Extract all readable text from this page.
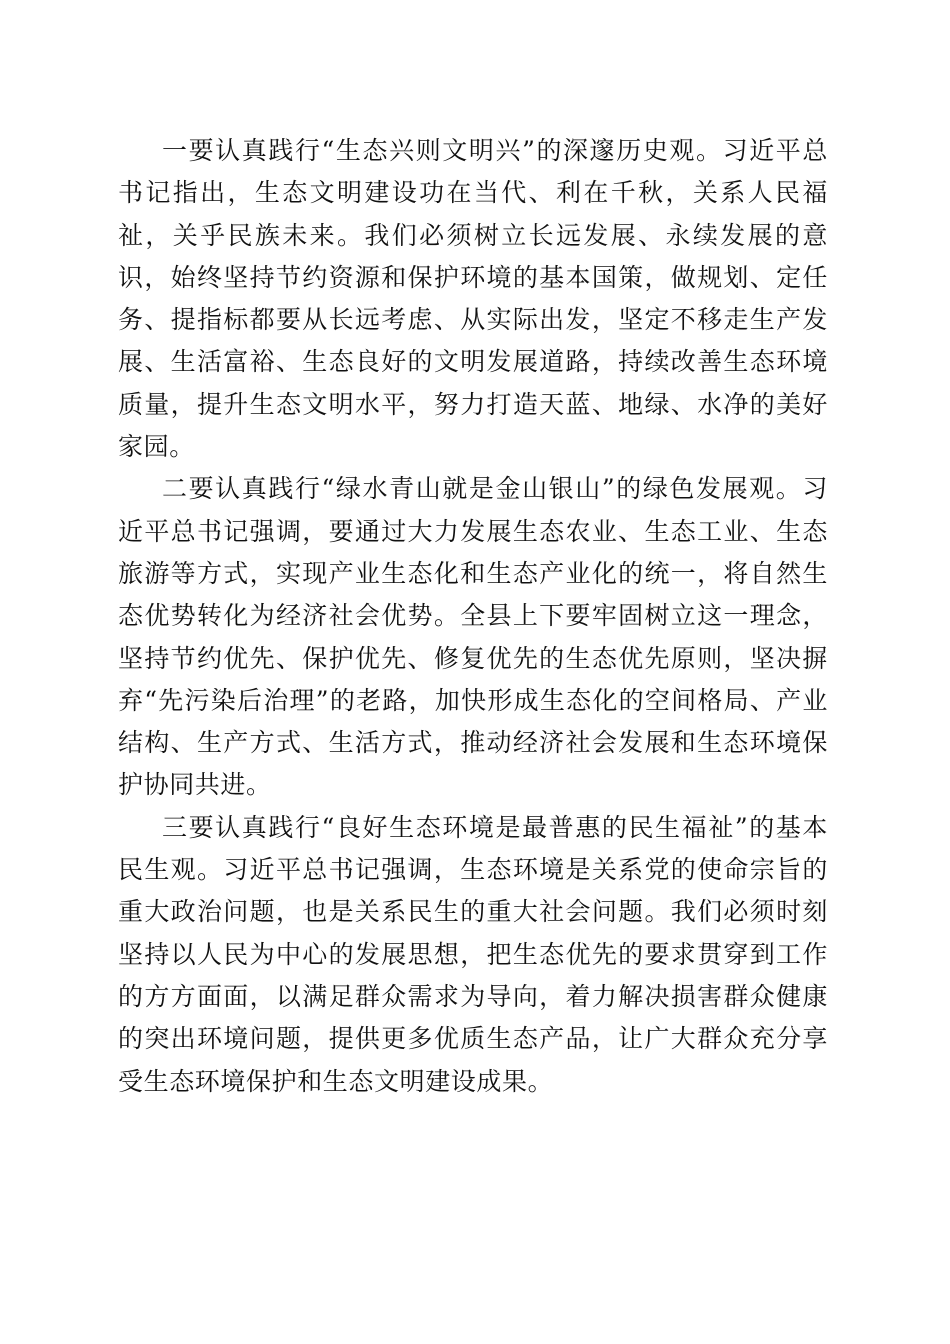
一要认真践行“生态兴则文明兴”的深邃历史观。习近平总书记指出，生态文明建设功在当代、利在千秋，关系人民福祉，关乎民族未来。我们必须树立长远发展、永续发展的意识，始终坚持节约资源和保护环境的基本国策，做规划、定任务、提指标都要从长远考虑、从实际出发，坚定不移走生产发展、生活富裕、生态良好的文明发展道路，持续改善生态环境质量，提升生态文明水平，努力打造天蓝、地绿、水净的美好家园。

二要认真践行“绿水青山就是金山银山”的绿色发展观。习近平总书记强调，要通过大力发展生态农业、生态工业、生态旅游等方式，实现产业生态化和生态产业化的统一，将自然生态优势转化为经济社会优势。全县上下要牢固树立这一理念，坚持节约优先、保护优先、修复优先的生态优先原则，坚决摒弃“先污染后治理”的老路，加快形成生态化的空间格局、产业结构、生产方式、生活方式，推动经济社会发展和生态环境保护协同共进。

三要认真践行“良好生态环境是最普惠的民生福祉”的基本民生观。习近平总书记强调，生态环境是关系党的使命宗旨的重大政治问题，也是关系民生的重大社会问题。我们必须时刻坚持以人民为中心的发展思想，把生态优先的要求贯穿到工作的方方面面，以满足群众需求为导向，着力解决损害群众健康的突出环境问题，提供更多优质生态产品，让广大群众充分享受生态环境保护和生态文明建设成果。
